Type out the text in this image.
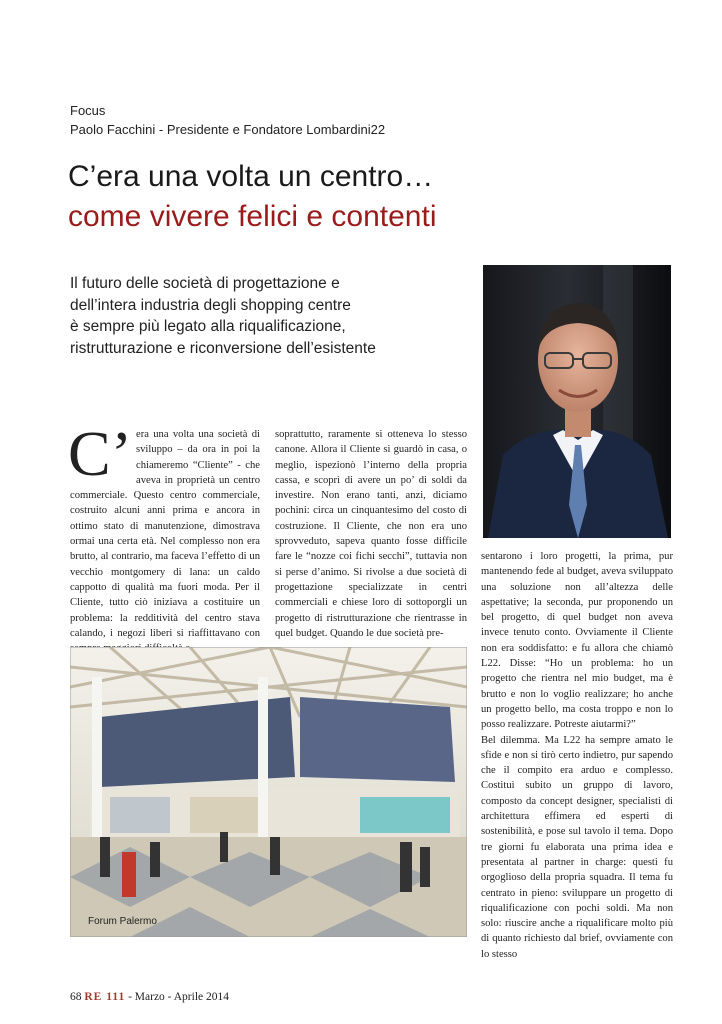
Focus
Paolo Facchini - Presidente e Fondatore Lombardini22
C’era una volta un centro…
come vivere felici e contenti
Il futuro delle società di progettazione e
dell’intera industria degli shopping centre
è sempre più legato alla riqualificazione,
ristrutturazione e riconversione dell’esistente
C’ era una volta una società di sviluppo – da ora in poi la chiameremo “Cliente” - che aveva in proprietà un centro commerciale. Questo centro commerciale, costruito alcuni anni prima e ancora in ottimo stato di manutenzione, dimostrava ormai una certa età. Nel complesso non era brutto, al contrario, ma faceva l’effetto di un vecchio montgomery di lana: un caldo cappotto di qualità ma fuori moda. Per il Cliente, tutto ciò iniziava a costituire un problema: la redditività del centro stava calando, i negozi liberi si riaffittavano con

soprattutto, raramente si otteneva lo stesso canone. Allora il Cliente si guardò in casa, o meglio, ispezionò l’interno della propria cassa, e scoprì di avere un po’ di soldi da investire. Non erano tanti, anzi, diciamo pochini: circa un cinquantesimo del costo di costruzione. Il Cliente, che non era uno sprovveduto, sapeva quanto fosse difficile fare le “nozze coi fichi secchi”, tuttavia non si perse d’animo. Si rivolse a due società di progettazione specializzate in centri commerciali e chiese loro di sottoporgli un progetto di ristrutturazione che rientrasse in quel budget. Quando le due società pre-

sentarono i loro progetti, la prima, pur mantenendo fede al budget, aveva sviluppato una soluzione non all’altezza delle aspettative; la seconda, pur proponendo un bel progetto, di quel budget non aveva invece tenuto conto. Ovviamente il Cliente non era soddisfatto: e fu allora che chiamò L22. Disse: “Ho un problema: ho un progetto che rientra nel mio budget, ma è brutto e non lo voglio realizzare; ho anche un progetto bello, ma costa troppo e non lo posso realizzare. Potreste aiutarmi?”

Bel dilemma. Ma L22 ha sempre amato le sfide e non si tirò certo indietro, pur sapendo che il compito era arduo e complesso. Costituì subito un gruppo di lavoro, composto da concept designer, specialisti di architettura effimera ed esperti di sostenibilità, e pose sul tavolo il tema. Dopo tre giorni fu elaborata una prima idea e presentata al partner in charge: questi fu orgoglioso della propria squadra. Il tema fu centrato in pieno: sviluppare un progetto di riqualificazione con pochi soldi. Ma non solo: riuscire anche a riqualificare molto più di quanto richiesto dal brief, ovviamente con lo stesso

Forum Palermo
68 RE 111 - Marzo - Aprile 2014
